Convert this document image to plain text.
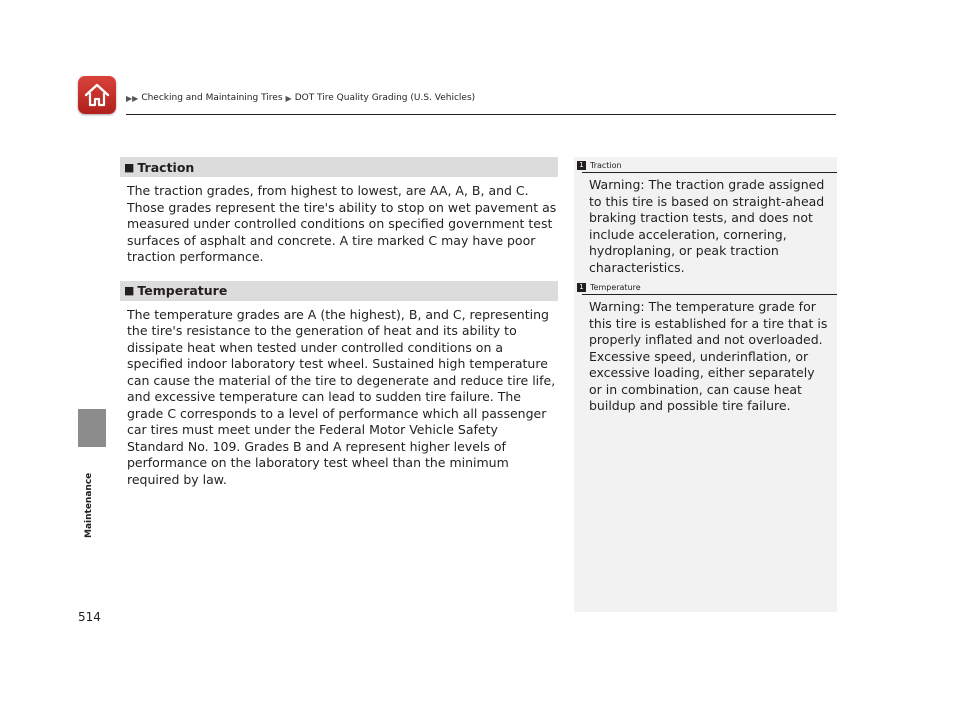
▶▶ Checking and Maintaining Tires ▶ DOT Tire Quality Grading (U.S. Vehicles)
Maintenance
■ Traction

The traction grades, from highest to lowest, are AA, A, B, and C. Those grades represent the tire's ability to stop on wet pavement as measured under controlled conditions on specified government test surfaces of asphalt and concrete. A tire marked C may have poor traction performance.

■ Temperature

The temperature grades are A (the highest), B, and C, representing the tire's resistance to the generation of heat and its ability to dissipate heat when tested under controlled conditions on a specified indoor laboratory test wheel. Sustained high temperature can cause the material of the tire to degenerate and reduce tire life, and excessive temperature can lead to sudden tire failure. The grade C corresponds to a level of performance which all passenger car tires must meet under the Federal Motor Vehicle Safety Standard No. 109. Grades B and A represent higher levels of performance on the laboratory test wheel than the minimum required by law.

1 Traction
Warning: The traction grade assigned to this tire is based on straight-ahead braking traction tests, and does not include acceleration, cornering, hydroplaning, or peak traction characteristics.
1 Temperature
Warning: The temperature grade for this tire is established for a tire that is properly inflated and not overloaded. Excessive speed, underinflation, or excessive loading, either separately or in combination, can cause heat buildup and possible tire failure.
514
